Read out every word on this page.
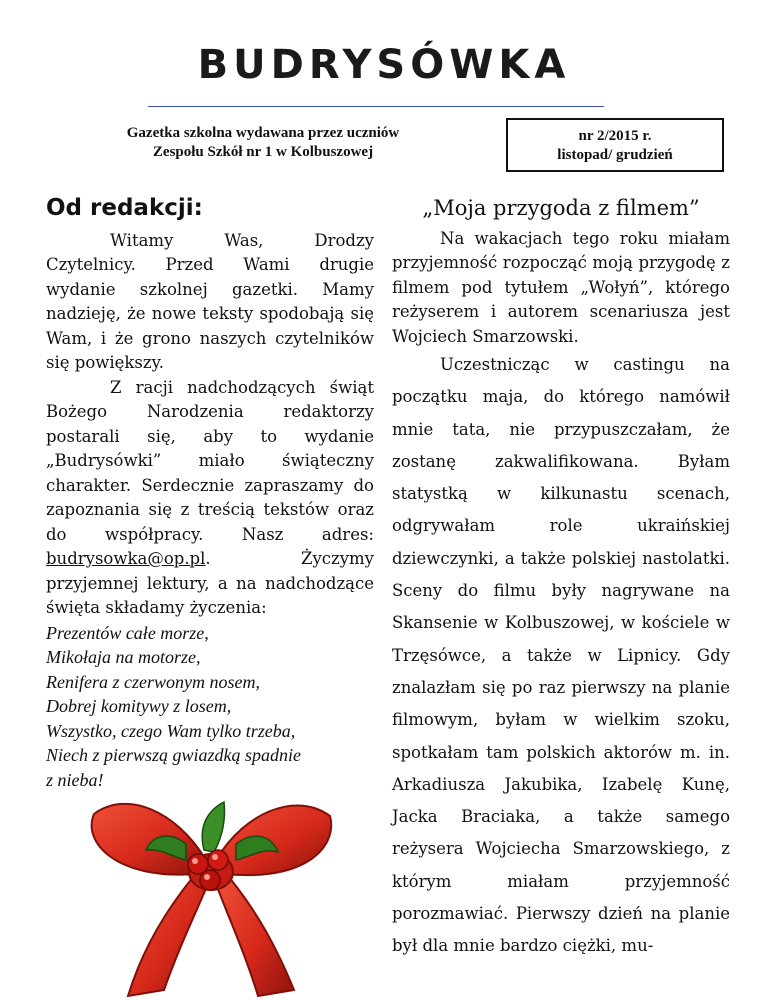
BUDRYSÓWKA
Gazetka szkolna wydawana przez uczniów
Zespołu Szkół nr 1 w Kolbuszowej
nr 2/2015 r.
listopad/ grudzień
Od redakcji:

Witamy Was, Drodzy Czytelnicy. Przed Wami drugie wydanie szkolnej gazetki. Mamy nadzieję, że nowe teksty spodobają się Wam, i że grono naszych czytelników się powiększy.

Z racji nadchodzących świąt Bożego Narodzenia redaktorzy postarali się, aby to wydanie „Budrysówki” miało świąteczny charakter. Serdecznie zapraszamy do zapoznania się z treścią tekstów oraz do współpracy. Nasz adres: budrysowka@op.pl. Życzymy przyjemnej lektury, a na nadchodzące święta składamy życzenia:

Prezentów całe morze,
Mikołaja na motorze,
Renifera z czerwonym nosem,
Dobrej komitywy z losem,
Wszystko, czego Wam tylko trzeba,
Niech z pierwszą gwiazdką spadnie
z nieba!
„Moja przygoda z filmem”

Na wakacjach tego roku miałam przyjemność rozpocząć moją przygodę z filmem pod tytułem „Wołyń”, którego reżyserem i autorem scenariusza jest Wojciech Smarzowski.

Uczestnicząc w castingu na początku maja, do którego namówił mnie tata, nie przypuszczałam, że zostanę zakwalifikowana. Byłam statystką w kilkunastu scenach, odgrywałam role ukraińskiej dziewczynki, a także polskiej nastolatki. Sceny do filmu były nagrywane na Skansenie w Kolbuszowej, w kościele w Trzęsówce, a także w Lipnicy. Gdy znalazłam się po raz pierwszy na planie filmowym, byłam w wielkim szoku, spotkałam tam polskich aktorów m. in. Arkadiusza Jakubika, Izabelę Kunę, Jacka Braciaka, a także samego reżysera Wojciecha Smarzowskiego, z którym miałam przyjemność porozmawiać. Pierwszy dzień na planie był dla mnie bardzo ciężki, mu-
